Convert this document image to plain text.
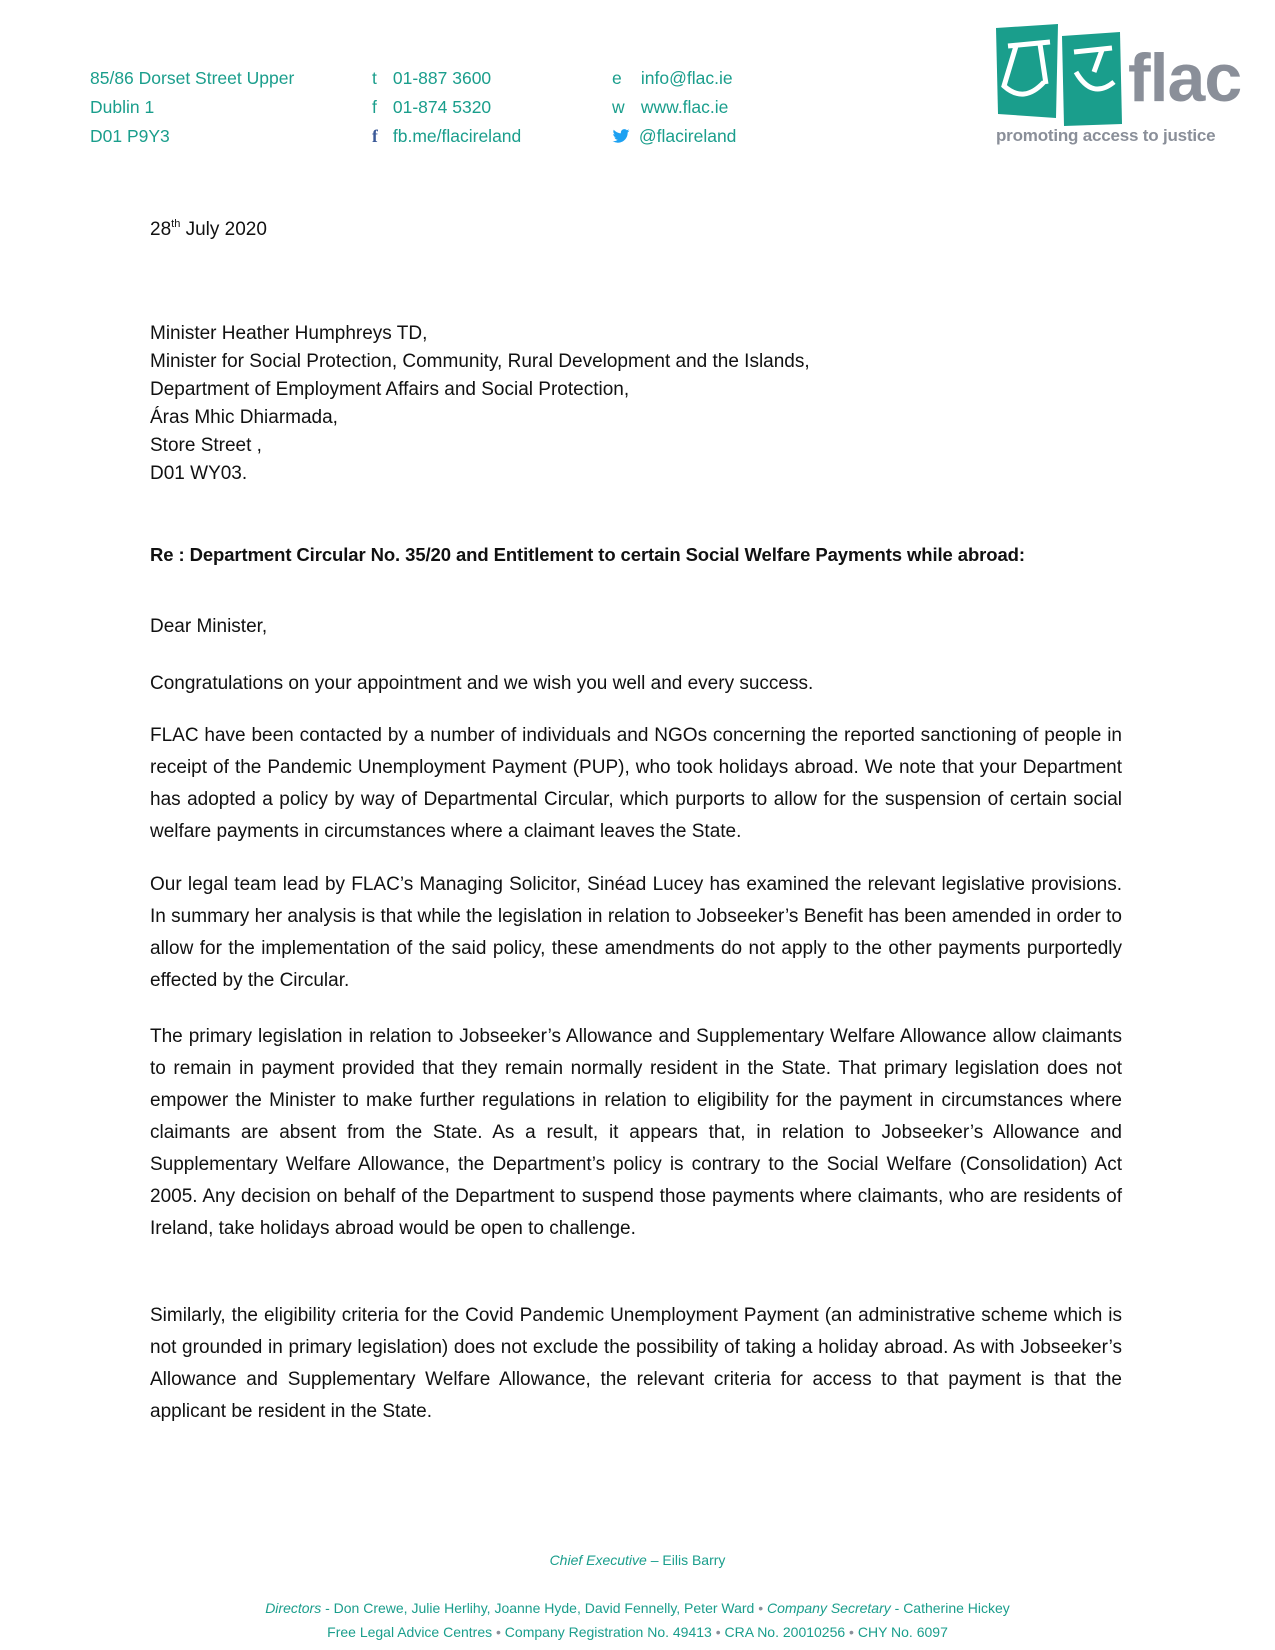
85/86 Dorset Street Upper
Dublin 1
D01 P9Y3
t 01-887 3600
f 01-874 5320
f fb.me/flacireland
e info@flac.ie
w www.flac.ie
@flacireland
flac
promoting access to justice
28th July 2020
Minister Heather Humphreys TD,
Minister for Social Protection, Community, Rural Development and the Islands,
Department of Employment Affairs and Social Protection,
Áras Mhic Dhiarmada,
Store Street ,
D01 WY03.
Re : Department Circular No. 35/20 and Entitlement to certain Social Welfare Payments while abroad:
Dear Minister,

Congratulations on your appointment and we wish you well and every success.

FLAC have been contacted by a number of individuals and NGOs concerning the reported sanctioning of people in receipt of the Pandemic Unemployment Payment (PUP), who took holidays abroad. We note that your Department has adopted a policy by way of Departmental Circular, which purports to allow for the suspension of certain social welfare payments in circumstances where a claimant leaves the State.

Our legal team lead by FLAC’s Managing Solicitor, Sinéad Lucey has examined the relevant legislative provisions. In summary her analysis is that while the legislation in relation to Jobseeker’s Benefit has been amended in order to allow for the implementation of the said policy, these amendments do not apply to the other payments purportedly effected by the Circular.

The primary legislation in relation to Jobseeker’s Allowance and Supplementary Welfare Allowance allow claimants to remain in payment provided that they remain normally resident in the State. That primary legislation does not empower the Minister to make further regulations in relation to eligibility for the payment in circumstances where claimants are absent from the State. As a result, it appears that, in relation to Jobseeker’s Allowance and Supplementary Welfare Allowance, the Department’s policy is contrary to the Social Welfare (Consolidation) Act 2005. Any decision on behalf of the Department to suspend those payments where claimants, who are residents of Ireland, take holidays abroad would be open to challenge.

Similarly, the eligibility criteria for the Covid Pandemic Unemployment Payment (an administrative scheme which is not grounded in primary legislation) does not exclude the possibility of taking a holiday abroad. As with Jobseeker’s Allowance and Supplementary Welfare Allowance, the relevant criteria for access to that payment is that the applicant be resident in the State.

Chief Executive – Eilis Barry
Directors - Don Crewe, Julie Herlihy, Joanne Hyde, David Fennelly, Peter Ward • Company Secretary - Catherine Hickey
Free Legal Advice Centres • Company Registration No. 49413 • CRA No. 20010256 • CHY No. 6097
